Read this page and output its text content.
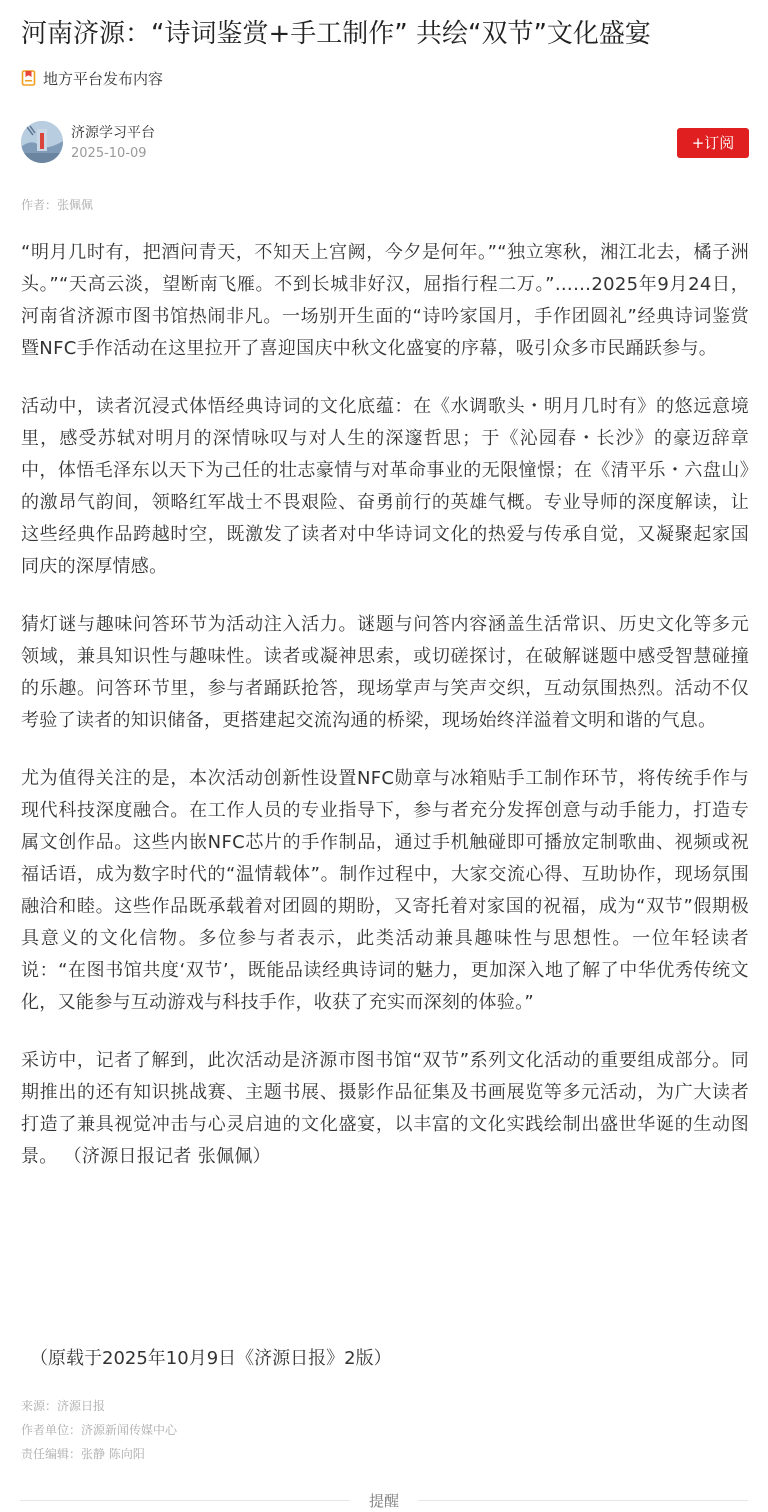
河南济源：“诗词鉴赏+手工制作” 共绘“双节”文化盛宴
地方平台发布内容
济源学习平台
2025-10-09
+订阅
作者：张佩佩

“明月几时有，把酒问青天，不知天上宫阙，今夕是何年。”“独立寒秋，湘江北去，橘子洲头。”“天高云淡，望断南飞雁。不到长城非好汉，屈指行程二万。”……2025年9月24日，河南省济源市图书馆热闹非凡。一场别开生面的“诗吟家国月，手作团圆礼”经典诗词鉴赏暨NFC手作活动在这里拉开了喜迎国庆中秋文化盛宴的序幕，吸引众多市民踊跃参与。

活动中，读者沉浸式体悟经典诗词的文化底蕴：在《水调歌头・明月几时有》的悠远意境里，感受苏轼对明月的深情咏叹与对人生的深邃哲思；于《沁园春・长沙》的豪迈辞章中，体悟毛泽东以天下为己任的壮志豪情与对革命事业的无限憧憬；在《清平乐・六盘山》的激昂气韵间，领略红军战士不畏艰险、奋勇前行的英雄气概。专业导师的深度解读，让这些经典作品跨越时空，既激发了读者对中华诗词文化的热爱与传承自觉，又凝聚起家国同庆的深厚情感。

猜灯谜与趣味问答环节为活动注入活力。谜题与问答内容涵盖生活常识、历史文化等多元领域，兼具知识性与趣味性。读者或凝神思索，或切磋探讨，在破解谜题中感受智慧碰撞的乐趣。问答环节里，参与者踊跃抢答，现场掌声与笑声交织，互动氛围热烈。活动不仅考验了读者的知识储备，更搭建起交流沟通的桥梁，现场始终洋溢着文明和谐的气息。

尤为值得关注的是，本次活动创新性设置NFC勋章与冰箱贴手工制作环节，将传统手作与现代科技深度融合。在工作人员的专业指导下，参与者充分发挥创意与动手能力，打造专属文创作品。这些内嵌NFC芯片的手作制品，通过手机触碰即可播放定制歌曲、视频或祝福话语，成为数字时代的“温情载体”。制作过程中，大家交流心得、互助协作，现场氛围融洽和睦。这些作品既承载着对团圆的期盼，又寄托着对家国的祝福，成为“双节”假期极具意义的文化信物。多位参与者表示，此类活动兼具趣味性与思想性。一位年轻读者说：“在图书馆共度‘双节’，既能品读经典诗词的魅力，更加深入地了解了中华优秀传统文化，又能参与互动游戏与科技手作，收获了充实而深刻的体验。”

采访中，记者了解到，此次活动是济源市图书馆“双节”系列文化活动的重要组成部分。同期推出的还有知识挑战赛、主题书展、摄影作品征集及书画展览等多元活动，为广大读者打造了兼具视觉冲击与心灵启迪的文化盛宴，以丰富的文化实践绘制出盛世华诞的生动图景。 （济源日报记者 张佩佩）

（原载于2025年10月9日《济源日报》2版）
来源：济源日报
作者单位：济源新闻传媒中心
责任编辑：张静 陈向阳
提醒
